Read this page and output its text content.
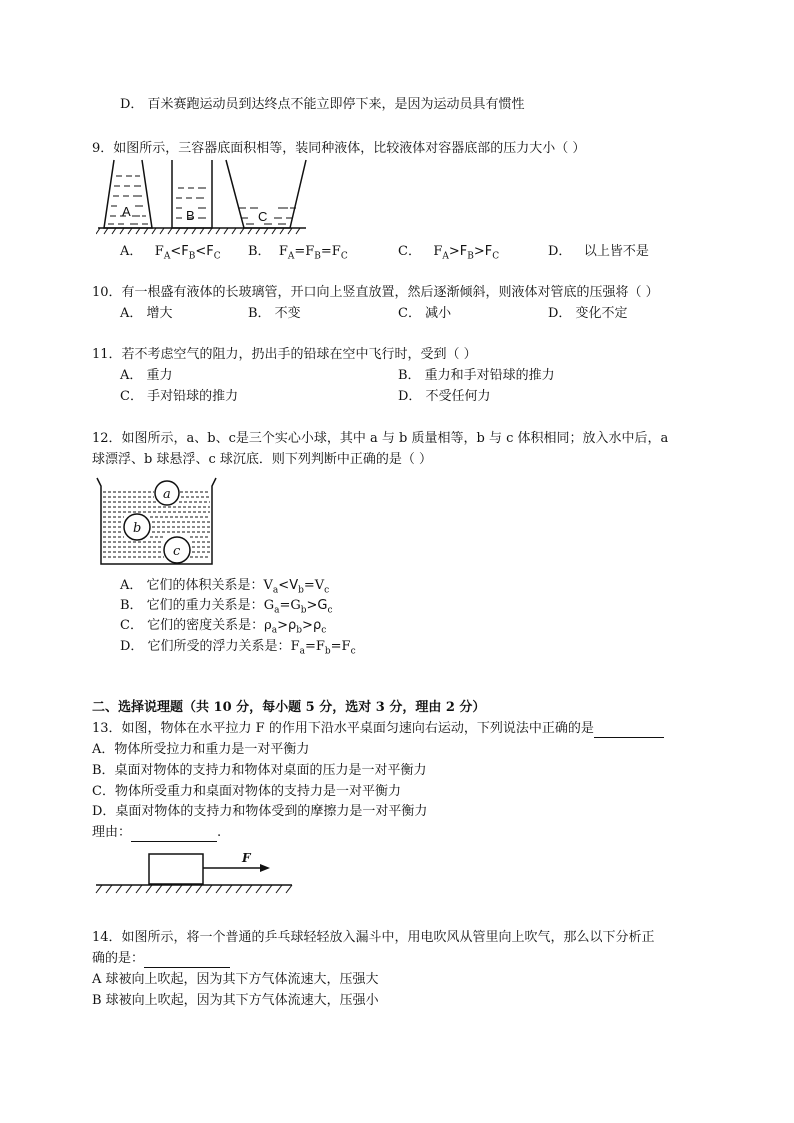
D． 百米赛跑运动员到达终点不能立即停下来，是因为运动员具有惯性
9．如图所示，三容器底面积相等，装同种液体，比较液体对容器底部的压力大小（ ）
A	B	C
A． $F_A<F_B<F_C$ B． $F_A=F_B=F_C$	C． $F_A>F_B>F_C$	D． 以上皆不是
10．有一根盛有液体的长玻璃管，开口向上竖直放置，然后逐渐倾斜，则液体对管底的压强将（ ）
A． 增大	B． 不变	C． 减小	D． 变化不定
11．若不考虑空气的阻力，扔出手的铅球在空中飞行时，受到（ ）
A． 重力	B． 重力和手对铅球的推力
C． 手对铅球的推力	D． 不受任何力
12．如图所示，a、b、c是三个实心小球，其中 a 与 b 质量相等，b 与 c 体积相同；放入水中后，a
球漂浮、b 球悬浮、c 球沉底．则下列判断中正确的是（ ）
a
b
c
A． 它们的体积关系是：$V_a<V_b=V_c$
B． 它们的重力关系是：$G_a=G_b>G_c$
C． 它们的密度关系是：$\rho_a>\rho_b>\rho_c$
D． 它们所受的浮力关系是：$F_a=F_b=F_c$
二、选择说理题（共 10 分，每小题 5 分，选对 3 分，理由 2 分）
13．如图，物体在水平拉力 F 的作用下沿水平桌面匀速向右运动，下列说法中正确的是
A．物体所受拉力和重力是一对平衡力
B．桌面对物体的支持力和物体对桌面的压力是一对平衡力
C．物体所受重力和桌面对物体的支持力是一对平衡力
D．桌面对物体的支持力和物体受到的摩擦力是一对平衡力
理由：	.
F
14．如图所示，将一个普通的乒乓球轻轻放入漏斗中，用电吹风从管里向上吹气，那么以下分析正
确的是：
A 球被向上吹起，因为其下方气体流速大，压强大
B 球被向上吹起，因为其下方气体流速大，压强小
